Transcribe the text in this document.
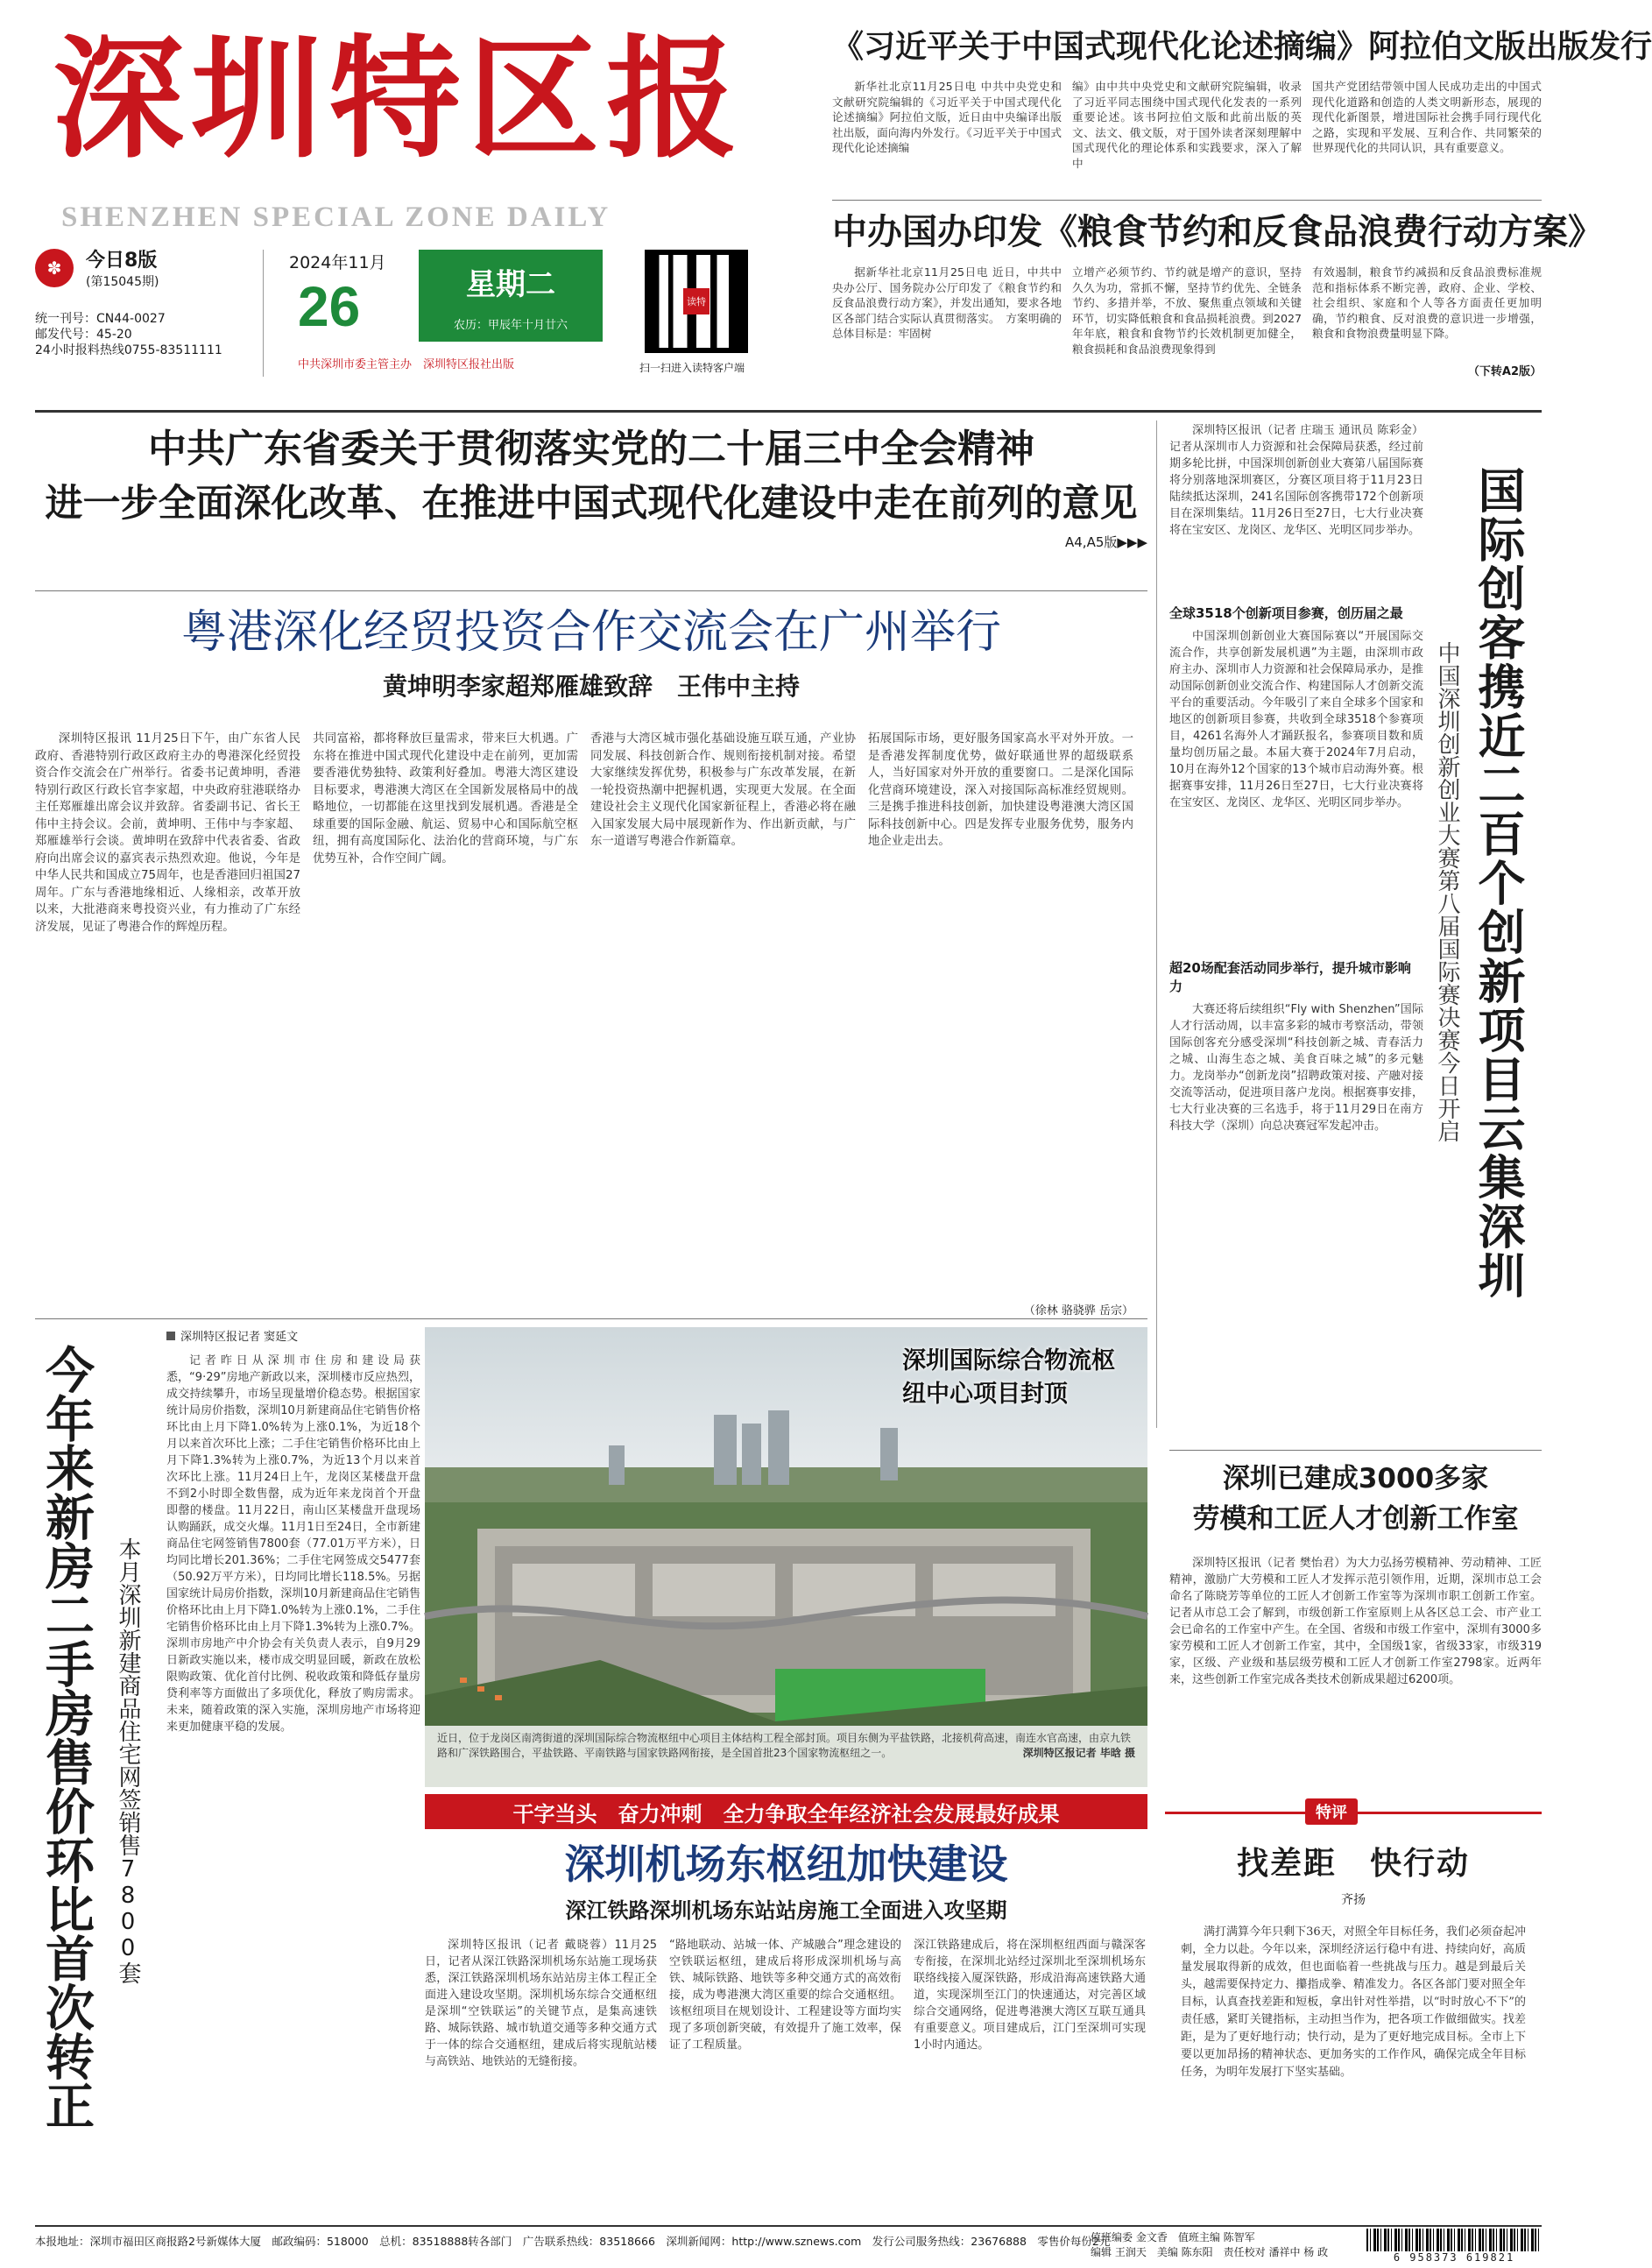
深圳特区报
SHENZHEN SPECIAL ZONE DAILY
《习近平关于中国式现代化论述摘编》阿拉伯文版出版发行
新华社北京11月25日电 中共中央党史和文献研究院编辑的《习近平关于中国式现代化论述摘编》阿拉伯文版，近日由中央编译出版社出版，面向海内外发行。《习近平关于中国式现代化论述摘编
编》由中共中央党史和文献研究院编辑，收录了习近平同志围绕中国式现代化发表的一系列重要论述。该书阿拉伯文版和此前出版的英文、法文、俄文版，对于国外读者深刻理解中国式现代化的理论体系和实践要求，深入了解中
国共产党团结带领中国人民成功走出的中国式现代化道路和创造的人类文明新形态，展现的现代化新图景，增进国际社会携手同行现代化之路，实现和平发展、互利合作、共同繁荣的世界现代化的共同认识，具有重要意义。
中办国办印发《粮食节约和反食品浪费行动方案》
据新华社北京11月25日电 近日，中共中央办公厅、国务院办公厅印发了《粮食节约和反食品浪费行动方案》，并发出通知，要求各地区各部门结合实际认真贯彻落实。　方案明确的总体目标是：牢固树
立增产必须节约、节约就是增产的意识，坚持久久为功，常抓不懈，坚持节约优先、全链条节约、多措并举，不放、聚焦重点领域和关键环节，切实降低粮食和食品损耗浪费。到2027年年底，粮食和食物节约长效机制更加健全，粮食损耗和食品浪费现象得到
有效遏制，粮食节约减损和反食品浪费标准规范和指标体系不断完善，政府、企业、学校、社会组织、家庭和个人等各方面责任更加明确，节约粮食、反对浪费的意识进一步增强，粮食和食物浪费量明显下降。
（下转A2版）
✽	今日8版
(第15045期)
统一刊号：CN44-0027
邮发代号：45-20
24小时报料热线0755-83511111
2024年11月
26	星期二
农历：甲辰年十月廿六
中共深圳市委主管主办　深圳特区报社出版
读特
扫一扫进入读特客户端
中共广东省委关于贯彻落实党的二十届三中全会精神
进一步全面深化改革、在推进中国式现代化建设中走在前列的意见
A4,A5版▶▶▶
粤港深化经贸投资合作交流会在广州举行
黄坤明李家超郑雁雄致辞　王伟中主持
深圳特区报讯 11月25日下午，由广东省人民政府、香港特别行政区政府主办的粤港深化经贸投资合作交流会在广州举行。省委书记黄坤明，香港特别行政区行政长官李家超，中央政府驻港联络办主任郑雁雄出席会议并致辞。省委副书记、省长王伟中主持会议。会前，黄坤明、王伟中与李家超、郑雁雄举行会谈。黄坤明在致辞中代表省委、省政府向出席会议的嘉宾表示热烈欢迎。他说，今年是中华人民共和国成立75周年，也是香港回归祖国27周年。广东与香港地缘相近、人缘相亲，改革开放以来，大批港商来粤投资兴业，有力推动了广东经济发展，见证了粤港合作的辉煌历程。
共同富裕，都将释放巨量需求，带来巨大机遇。广东将在推进中国式现代化建设中走在前列，更加需要香港优势独特、政策利好叠加。粤港大湾区建设目标要求，粤港澳大湾区在全国新发展格局中的战略地位，一切都能在这里找到发展机遇。香港是全球重要的国际金融、航运、贸易中心和国际航空枢纽，拥有高度国际化、法治化的营商环境，与广东优势互补，合作空间广阔。
香港与大湾区城市强化基础设施互联互通，产业协同发展、科技创新合作、规则衔接机制对接。希望大家继续发挥优势，积极参与广东改革发展，在新一轮投资热潮中把握机遇，实现更大发展。在全面建设社会主义现代化国家新征程上，香港必将在融入国家发展大局中展现新作为、作出新贡献，与广东一道谱写粤港合作新篇章。
拓展国际市场，更好服务国家高水平对外开放。一是香港发挥制度优势，做好联通世界的超级联系人，当好国家对外开放的重要窗口。二是深化国际化营商环境建设，深入对接国际高标准经贸规则。三是携手推进科技创新，加快建设粤港澳大湾区国际科技创新中心。四是发挥专业服务优势，服务内地企业走出去。
（徐林 骆骁骅 岳宗）
深圳特区报讯（记者 庄瑞玉 通讯员 陈彩金）记者从深圳市人力资源和社会保障局获悉，经过前期多轮比拼，中国深圳创新创业大赛第八届国际赛将分别落地深圳赛区，分赛区项目将于11月23日陆续抵达深圳，241名国际创客携带172个创新项目在深圳集结。11月26日至27日，七大行业决赛将在宝安区、龙岗区、龙华区、光明区同步举办。
全球3518个创新项目参赛，创历届之最
中国深圳创新创业大赛国际赛以“开展国际交流合作，共享创新发展机遇”为主题，由深圳市政府主办、深圳市人力资源和社会保障局承办，是推动国际创新创业交流合作、构建国际人才创新交流平台的重要活动。今年吸引了来自全球多个国家和地区的创新项目参赛，共收到全球3518个参赛项目，4261名海外人才踊跃报名，参赛项目数和质量均创历届之最。本届大赛于2024年7月启动，10月在海外12个国家的13个城市启动海外赛。根据赛事安排，11月26日至27日，七大行业决赛将在宝安区、龙岗区、龙华区、光明区同步举办。
超20场配套活动同步举行，提升城市影响力
大赛还将后续组织“Fly with Shenzhen”国际人才行活动周，以丰富多彩的城市考察活动，带领国际创客充分感受深圳“科技创新之城、青春活力之城、山海生态之城、美食百味之城”的多元魅力。龙岗举办“创新龙岗”招聘政策对接、产融对接交流等活动，促进项目落户龙岗。根据赛事安排，七大行业决赛的三名选手，将于11月29日在南方科技大学（深圳）向总决赛冠军发起冲击。	国际创客携近二百个创新项目云集深圳
中国深圳创新创业大赛第八届国际赛决赛今日开启
深圳已建成3000多家
劳模和工匠人才创新工作室
深圳特区报讯（记者 樊怡君）为大力弘扬劳模精神、劳动精神、工匠精神，激励广大劳模和工匠人才发挥示范引领作用，近期，深圳市总工会命名了陈晓芳等单位的工匠人才创新工作室等为深圳市职工创新工作室。记者从市总工会了解到，市级创新工作室原则上从各区总工会、市产业工会已命名的工作室中产生。在全国、省级和市级工作室中，深圳有3000多家劳模和工匠人才创新工作室，其中，全国级1家，省级33家，市级319家，区级、产业级和基层级劳模和工匠人才创新工作室2798家。近两年来，这些创新工作室完成各类技术创新成果超过6200项。
今年来新房二手房售价环比首次转正 本月深圳新建商品住宅网签销售7800套
深圳特区报记者 窦延文
记者昨日从深圳市住房和建设局获悉，“9·29”房地产新政以来，深圳楼市反应热烈，成交持续攀升，市场呈现量增价稳态势。根据国家统计局房价指数，深圳10月新建商品住宅销售价格环比由上月下降1.0%转为上涨0.1%，为近18个月以来首次环比上涨；二手住宅销售价格环比由上月下降1.3%转为上涨0.7%，为近13个月以来首次环比上涨。11月24日上午，龙岗区某楼盘开盘不到2小时即全数售罄，成为近年来龙岗首个开盘即罄的楼盘。11月22日，南山区某楼盘开盘现场认购踊跃，成交火爆。11月1日至24日，全市新建商品住宅网签销售7800套（77.01万平方米），日均同比增长201.36%；二手住宅网签成交5477套（50.92万平方米），日均同比增长118.5%。另据国家统计局房价指数，深圳10月新建商品住宅销售价格环比由上月下降1.0%转为上涨0.1%，二手住宅销售价格环比由上月下降1.3%转为上涨0.7%。深圳市房地产中介协会有关负责人表示，自9月29日新政实施以来，楼市成交明显回暖，新政在放松限购政策、优化首付比例、税收政策和降低存量房贷利率等方面做出了多项优化，释放了购房需求。未来，随着政策的深入实施，深圳房地产市场将迎来更加健康平稳的发展。
深圳国际综合物流枢纽中心项目封顶
近日，位于龙岗区南湾街道的深圳国际综合物流枢纽中心项目主体结构工程全部封顶。项目东侧为平盐铁路，北接机荷高速，南连水官高速，由京九铁路和广深铁路围合，平盐铁路、平南铁路与国家铁路网衔接，是全国首批23个国家物流枢纽之一。	深圳特区报记者 毕晗 摄
干字当头　奋力冲刺　全力争取全年经济社会发展最好成果
深圳机场东枢纽加快建设
深江铁路深圳机场东站站房施工全面进入攻坚期
深圳特区报讯（记者 戴晓蓉）11月25日，记者从深江铁路深圳机场东站施工现场获悉，深江铁路深圳机场东站站房主体工程正全面进入建设攻坚期。深圳机场东综合交通枢纽是深圳“空铁联运”的关键节点，是集高速铁路、城际铁路、城市轨道交通等多种交通方式于一体的综合交通枢纽，建成后将实现航站楼与高铁站、地铁站的无缝衔接。
“路地联动、站城一体、产城融合”理念建设的空铁联运枢纽，建成后将形成深圳机场与高铁、城际铁路、地铁等多种交通方式的高效衔接，成为粤港澳大湾区重要的综合交通枢纽。该枢纽项目在规划设计、工程建设等方面均实现了多项创新突破，有效提升了施工效率，保证了工程质量。
深江铁路建成后，将在深圳枢纽西面与赣深客专衔接，在深圳北站经过深圳北至深圳机场东联络线接入厦深铁路，形成沿海高速铁路大通道，实现深圳至江门的快速通达，对完善区域综合交通网络，促进粤港澳大湾区互联互通具有重要意义。项目建成后，江门至深圳可实现1小时内通达。
特评
找差距　快行动
齐扬
满打满算今年只剩下36天，对照全年目标任务，我们必须奋起冲刺，全力以赴。今年以来，深圳经济运行稳中有进、持续向好，高质量发展取得新的成效，但也面临着一些挑战与压力。越是到最后关头，越需要保持定力、攥指成拳、精准发力。各区各部门要对照全年目标，认真查找差距和短板，拿出针对性举措，以“时时放心不下”的责任感，紧盯关键指标，主动担当作为，把各项工作做细做实。找差距，是为了更好地行动；快行动，是为了更好地完成目标。全市上下要以更加昂扬的精神状态、更加务实的工作作风，确保完成全年目标任务，为明年发展打下坚实基础。
本报地址：深圳市福田区商报路2号新媒体大厦　邮政编码：518000　总机：83518888转各部门　广告联系热线：83518666　深圳新闻网：http://www.sznews.com　发行公司服务热线：23676888　零售价每份2元
值班编委 金文香　值班主编 陈智军
编辑 王润天　美编 陈东阳　责任校对 潘祥中 杨 政	6 958373 619821
